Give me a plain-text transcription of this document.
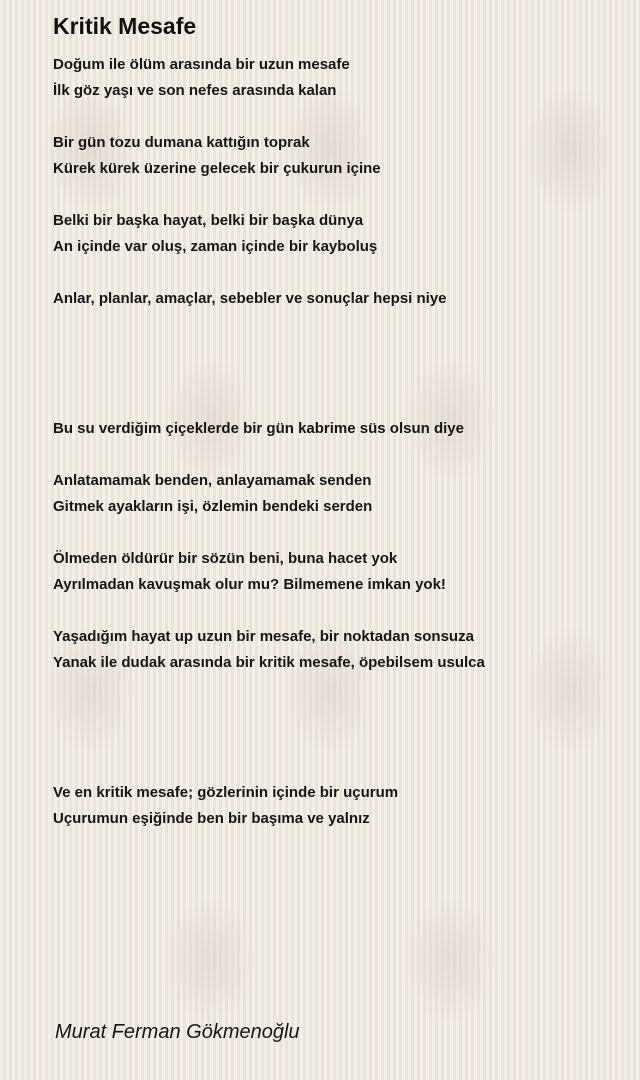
Kritik Mesafe

Doğum ile ölüm arasında bir uzun mesafe
İlk göz yaşı ve son nefes arasında kalan

Bir gün tozu dumana kattığın toprak
Kürek kürek üzerine gelecek bir çukurun içine

Belki bir başka hayat, belki bir başka dünya
An içinde var oluş, zaman içinde bir kayboluş

Anlar, planlar, amaçlar, sebebler ve sonuçlar hepsi niye

Bu su verdiğim çiçeklerde bir gün kabrime süs olsun diye

Anlatamamak benden, anlayamamak senden
Gitmek ayakların işi, özlemin bendeki serden

Ölmeden öldürür bir sözün beni, buna hacet yok
Ayrılmadan kavuşmak olur mu? Bilmemene imkan yok!

Yaşadığım hayat up uzun bir mesafe, bir noktadan sonsuza
Yanak ile dudak arasında bir kritik mesafe, öpebilsem usulca

Ve en kritik mesafe; gözlerinin içinde bir uçurum
Uçurumun eşiğinde ben bir başıma ve yalnız

Murat Ferman Gökmenoğlu
